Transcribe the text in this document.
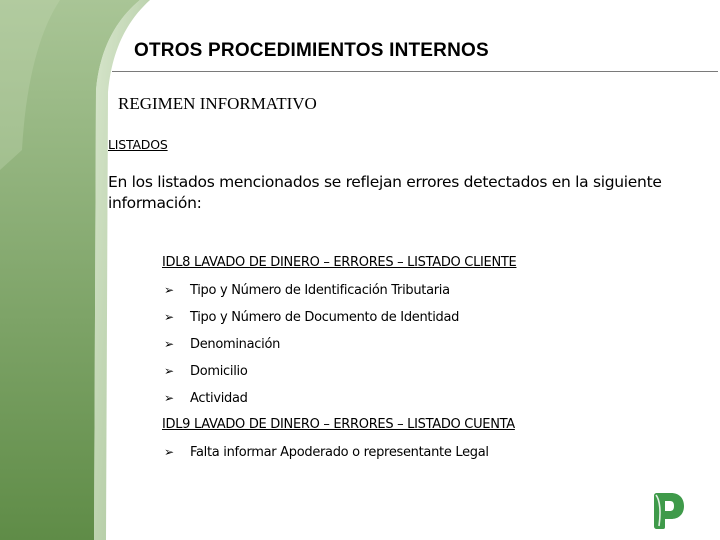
OTROS PROCEDIMIENTOS INTERNOS
REGIMEN INFORMATIVO
LISTADOS
En los listados mencionados se reflejan errores detectados en la siguiente información:
IDL8 LAVADO DE DINERO – ERRORES – LISTADO CLIENTE
➢ Tipo y Número de Identificación Tributaria
➢ Tipo y Número de Documento de Identidad
➢ Denominación
➢ Domicilio
➢ Actividad
IDL9 LAVADO DE DINERO – ERRORES – LISTADO CUENTA
➢ Falta informar Apoderado o representante Legal
